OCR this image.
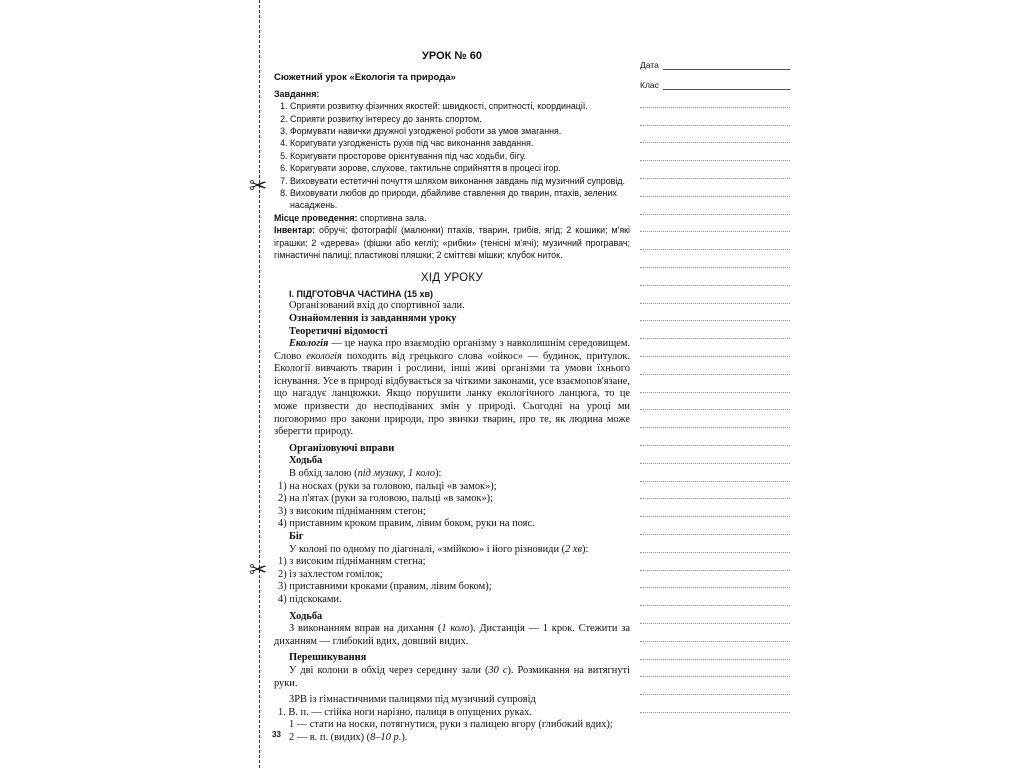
✂
✂
Дата
Клас
УРОК № 60
Сюжетний урок «Екологія та природа»
Завдання:
1. Сприяти розвитку фізичних якостей: швидкості, спритності, координації.
2. Сприяти розвитку інтересу до занять спортом.
3. Формувати навички дружної узгодженої роботи за умов змагання.
4. Коригувати узгодженість рухів під час виконання завдання.
5. Коригувати просторове орієнтування під час ходьби, бігу.
6. Коригувати зорове, слухове, тактильне сприйняття в процесі ігор.
7. Виховувати естетичні почуття шляхом виконання завдань під музичний супровід.
8. Виховувати любов до природи, дбайливе ставлення до тварин, птахів, зелених насаджень.
Місце проведення: спортивна зала.
Інвентар: обручі; фотографії (малюнки) птахів, тварин, грибів, ягід; 2 кошики; м'які іграшки; 2 «дерева» (фішки або кеглі); «рибки» (тенісні м'ячі); музичний програвач; гімнастичні палиці; пластикові пляшки; 2 сміттєві мішки; клубок ниток.
ХІД УРОКУ
І. ПІДГОТОВЧА ЧАСТИНА (15 хв)
Організований вхід до спортивної зали.
Ознайомлення із завданнями уроку
Теоретичні відомості
Екологія — це наука про взаємодію організму з навколишнім середовищем. Слово екологія походить від грецького слова «ойкос» — будинок, притулок. Екології вивчають тварин і рослини, інші живі організми та умови їхнього існування. Усе в природі відбувається за чіткими законами, усе взаємопов'язане, що нагадує ланцюжки. Якщо порушити ланку екологічного ланцюга, то це може призвести до несподіваних змін у природі. Сьогодні на уроці ми поговоримо про закони природи, про звички тварин, про те, як людина може зберегти природу.
Організовуючі вправи
Ходьба
В обхід залою (під музику, 1 коло):
1) на носках (руки за головою, пальці «в замок»);
2) на п'ятах (руки за головою, пальці «в замок»);
3) з високим підніманням стегон;
4) приставним кроком правим, лівим боком, руки на пояс.
Біг
У колоні по одному по діагоналі, «змійкою» і його різновиди (2 хв):
1) з високим підніманням стегна;
2) із захлестом гомілок;
3) приставними кроками (правим, лівим боком);
4) підскоками.
Ходьба
З виконанням вправ на дихання (1 коло). Дистанція — 1 крок. Стежити за диханням — глибокий вдих, довший видих.
Перешикування
У дві колони в обхід через середину зали (30 с). Розмикання на витягнуті руки.
ЗРВ із гімнастичними палицями під музичний супровід
1. В. п. — стійка ноги нарізно, палиця в опущених руках.
1 — стати на носки, потягнутися, руки з палицею вгору (глибокий вдих);
2 — в. п. (видих) (8–10 р.).
33
